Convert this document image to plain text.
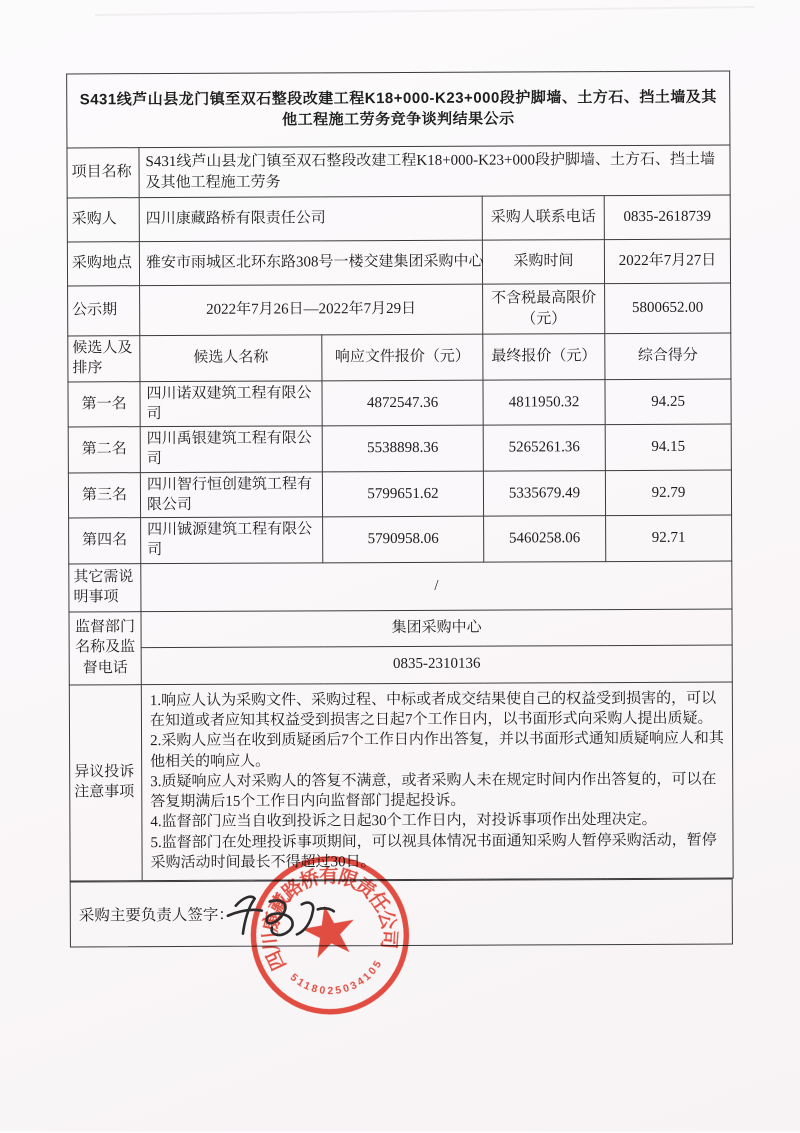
S431线芦山县龙门镇至双石整段改建工程K18+000-K23+000段护脚墙、土方石、挡土墙及其他工程施工劳务竞争谈判结果公示				
项目名称	S431线芦山县龙门镇至双石整段改建工程K18+000-K23+000段护脚墙、土方石、挡土墙及其他工程施工劳务			
采购人	四川康藏路桥有限责任公司		采购人联系电话	0835-2618739
采购地点	雅安市雨城区北环东路308号一楼交建集团采购中心		采购时间	2022年7月27日
公示期	2022年7月26日—2022年7月29日		不含税最高限价（元）	5800652.00
候选人及排序	候选人名称	响应文件报价（元）	最终报价（元）	综合得分
第一名	四川诺双建筑工程有限公司	4872547.36	4811950.32	94.25
第二名	四川禹银建筑工程有限公司	5538898.36	5265261.36	94.15
第三名	四川智行恒创建筑工程有限公司	5799651.62	5335679.49	92.79
第四名	四川铖源建筑工程有限公司	5790958.06	5460258.06	92.71
其它需说明事项	/			
监督部门名称及监督电话	集团采购中心			
	0835-2310136			
异议投诉注意事项	1.响应人认为采购文件、采购过程、中标或者成交结果使自己的权益受到损害的，可以在知道或者应知其权益受到损害之日起7个工作日内，以书面形式向采购人提出质疑。
2.采购人应当在收到质疑函后7个工作日内作出答复，并以书面形式通知质疑响应人和其他相关的响应人。
3.质疑响应人对采购人的答复不满意，或者采购人未在规定时间内作出答复的，可以在答复期满后15个工作日内向监督部门提起投诉。
4.监督部门应当自收到投诉之日起30个工作日内，对投诉事项作出处理决定。
5.监督部门在处理投诉事项期间，可以视具体情况书面通知采购人暂停采购活动，暂停采购活动时间最长不得超过30日。			
采购主要负责人签字：
四川康藏路桥有限责任公司
5118025034105
